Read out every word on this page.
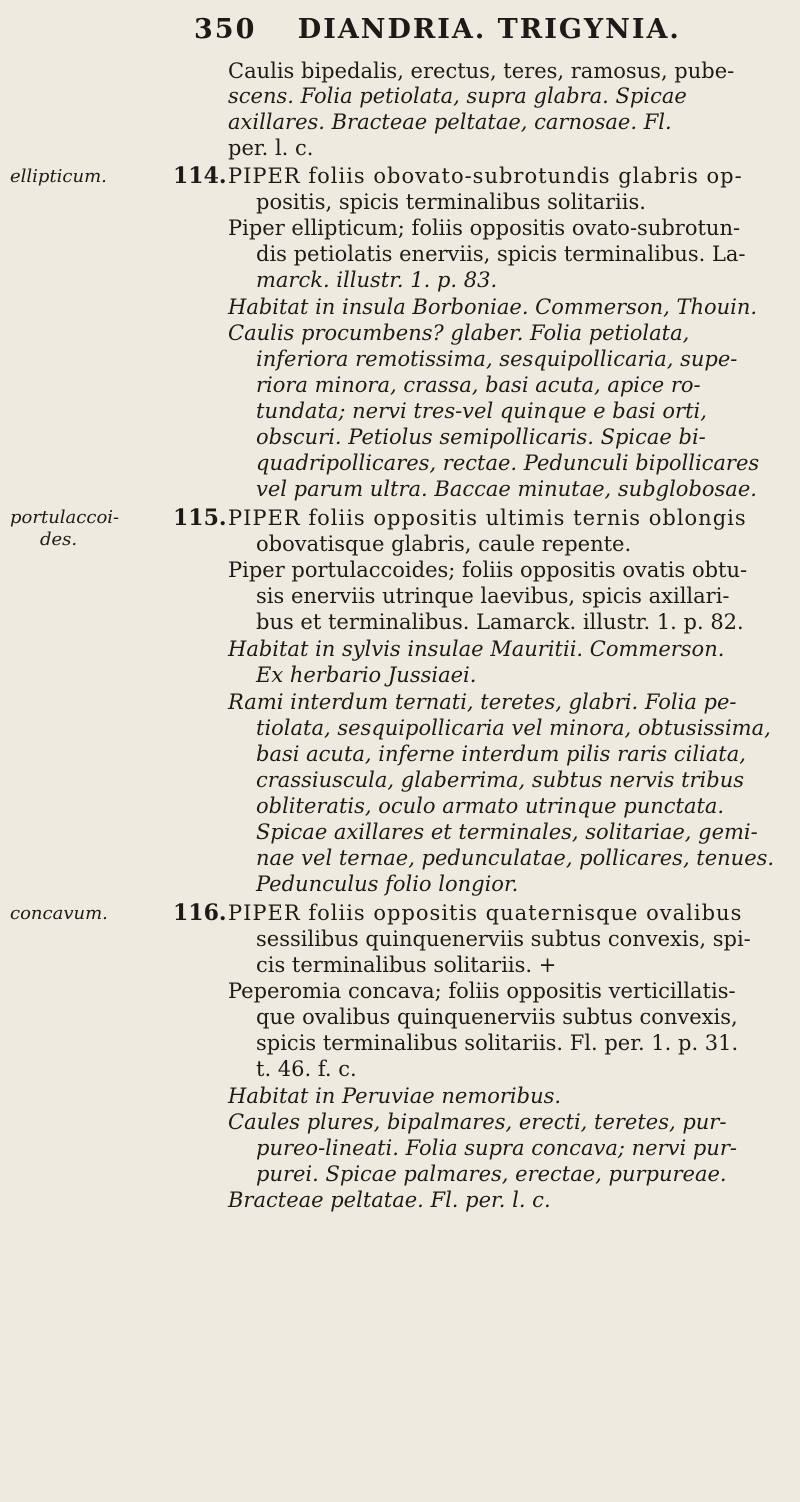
350 DIANDRIA. TRIGYNIA.
Caulis bipedalis, erectus, teres, ramosus, pube-
scens. Folia petiolata, supra glabra. Spicae
axillares. Bracteae peltatae, carnosae. Fl.
per. l. c.
ellipticum.	114. PIPER foliis obovato-subrotundis glabris op-
positis, spicis terminalibus solitariis.
Piper ellipticum; foliis oppositis ovato-subrotun-
dis petiolatis enerviis, spicis terminalibus. La-
marck. illustr. 1. p. 83.
Habitat in insula Borboniae. Commerson, Thouin.
Caulis procumbens? glaber. Folia petiolata,
inferiora remotissima, sesquipollicaria, supe-
riora minora, crassa, basi acuta, apice ro-
tundata; nervi tres-vel quinque e basi orti,
obscuri. Petiolus semipollicaris. Spicae bi-
quadripollicares, rectae. Pedunculi bipollicares
vel parum ultra. Baccae minutae, subglobosae.
portulaccoi-
des.
115. PIPER foliis oppositis ultimis ternis oblongis
obovatisque glabris, caule repente.
Piper portulaccoides; foliis oppositis ovatis obtu-
sis enerviis utrinque laevibus, spicis axillari-
bus et terminalibus. Lamarck. illustr. 1. p. 82.
Habitat in sylvis insulae Mauritii. Commerson.
Ex herbario Jussiaei.
Rami interdum ternati, teretes, glabri. Folia pe-
tiolata, sesquipollicaria vel minora, obtusissima,
basi acuta, inferne interdum pilis raris ciliata,
crassiuscula, glaberrima, subtus nervis tribus
obliteratis, oculo armato utrinque punctata.
Spicae axillares et terminales, solitariae, gemi-
nae vel ternae, pedunculatae, pollicares, tenues.
Pedunculus folio longior.
concavum.	116. PIPER foliis oppositis quaternisque ovalibus
sessilibus quinquenerviis subtus convexis, spi-
cis terminalibus solitariis. +
Peperomia concava; foliis oppositis verticillatis-
que ovalibus quinquenerviis subtus convexis,
spicis terminalibus solitariis. Fl. per. 1. p. 31.
t. 46. f. c.
Habitat in Peruviae nemoribus.
Caules plures, bipalmares, erecti, teretes, pur-
pureo-lineati. Folia supra concava; nervi pur-
purei. Spicae palmares, erectae, purpureae.
Bracteae peltatae. Fl. per. l. c.
